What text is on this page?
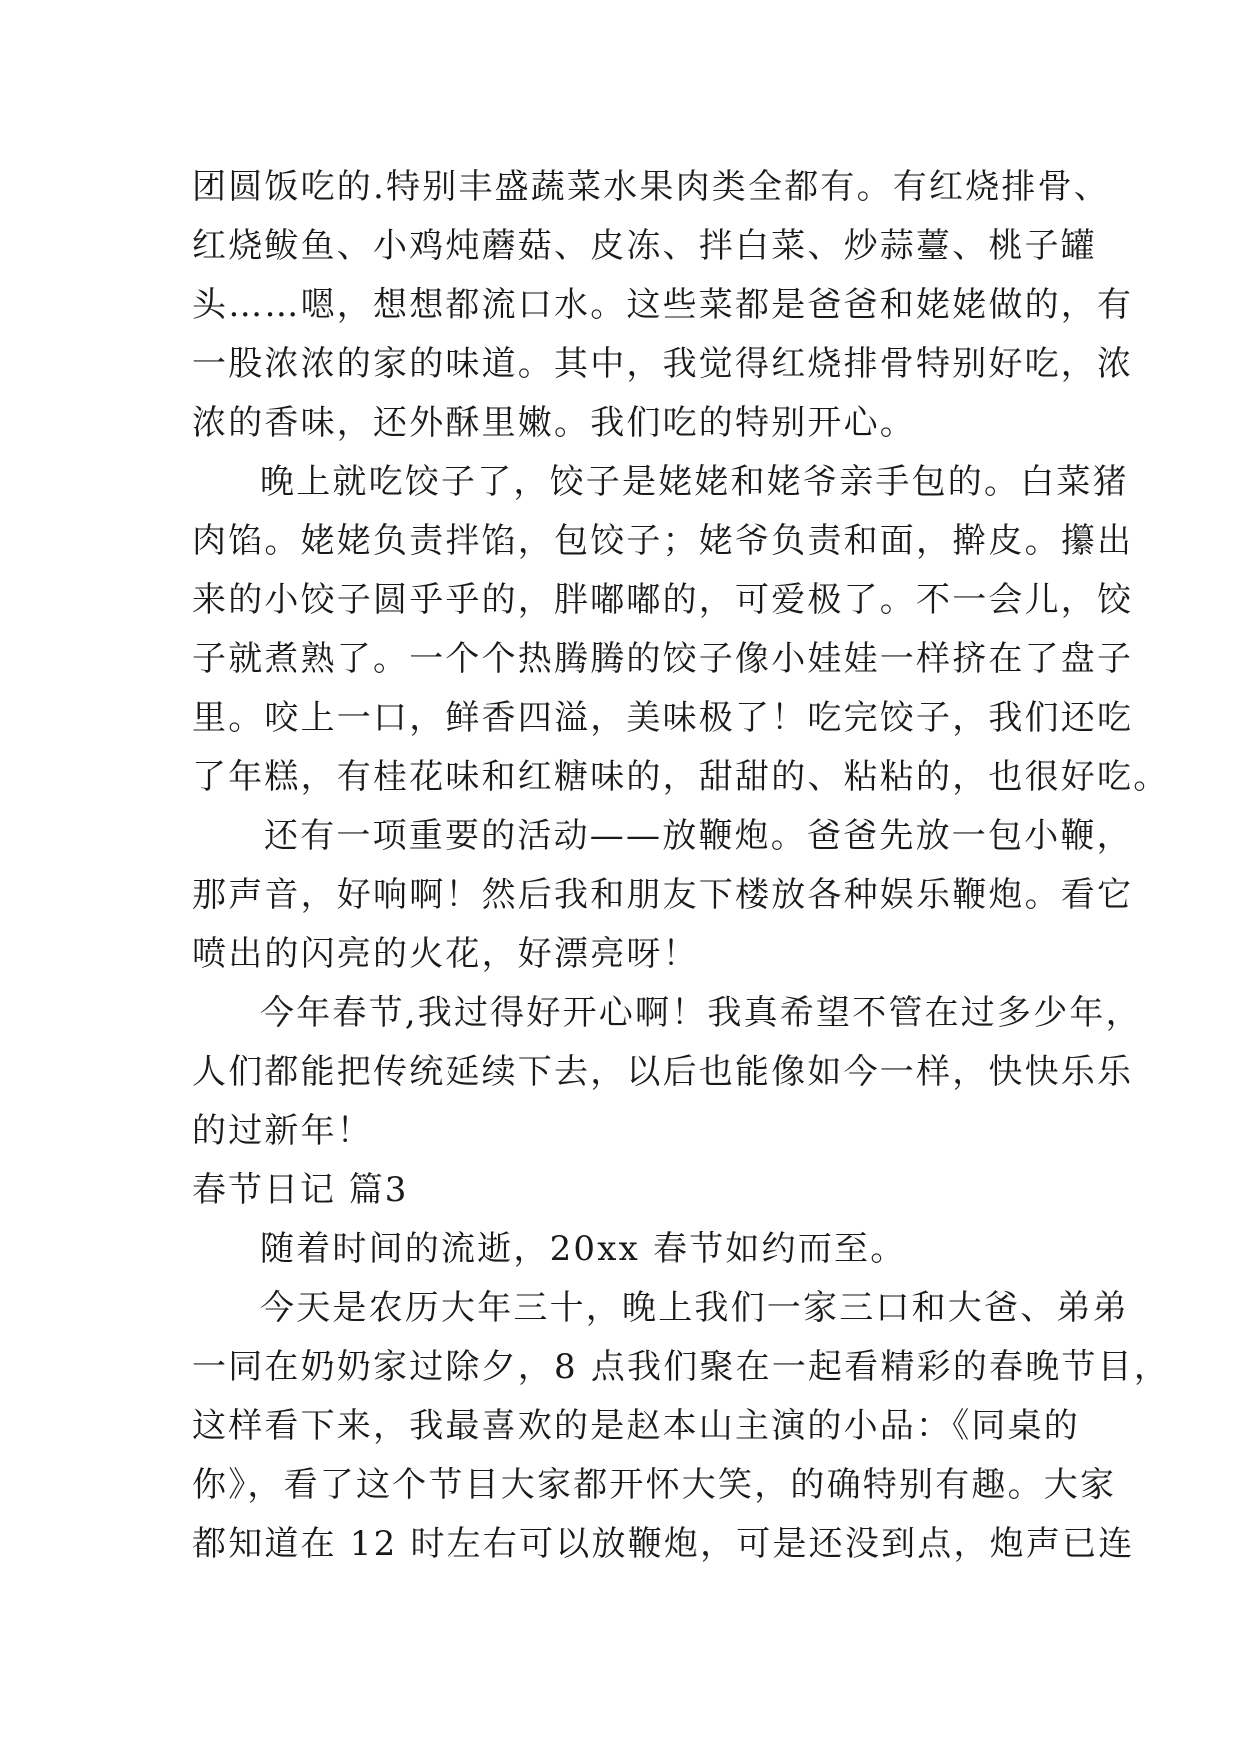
团圆饭吃的.特别丰盛蔬菜水果肉类全都有。有红烧排骨、
红烧鲅鱼、小鸡炖蘑菇、皮冻、拌白菜、炒蒜薹、桃子罐
头……嗯，想想都流口水。这些菜都是爸爸和姥姥做的，有
一股浓浓的家的味道。其中，我觉得红烧排骨特别好吃，浓
浓的香味，还外酥里嫩。我们吃的特别开心。
晚上就吃饺子了，饺子是姥姥和姥爷亲手包的。白菜猪
肉馅。姥姥负责拌馅，包饺子；姥爷负责和面，擀皮。攥出
来的小饺子圆乎乎的，胖嘟嘟的，可爱极了。不一会儿，饺
子就煮熟了。一个个热腾腾的饺子像小娃娃一样挤在了盘子
里。咬上一口，鲜香四溢，美味极了！吃完饺子，我们还吃
了年糕，有桂花味和红糖味的，甜甜的、粘粘的，也很好吃。
还有一项重要的活动——放鞭炮。爸爸先放一包小鞭，
那声音，好响啊！然后我和朋友下楼放各种娱乐鞭炮。看它
喷出的闪亮的火花，好漂亮呀！
今年春节,我过得好开心啊！我真希望不管在过多少年，
人们都能把传统延续下去，以后也能像如今一样，快快乐乐
的过新年！
春节日记 篇3
随着时间的流逝，20xx 春节如约而至。
今天是农历大年三十，晚上我们一家三口和大爸、弟弟
一同在奶奶家过除夕，8 点我们聚在一起看精彩的春晚节目，
这样看下来，我最喜欢的是赵本山主演的小品：《同桌的
你》，看了这个节目大家都开怀大笑，的确特别有趣。大家
都知道在 12 时左右可以放鞭炮，可是还没到点，炮声已连
